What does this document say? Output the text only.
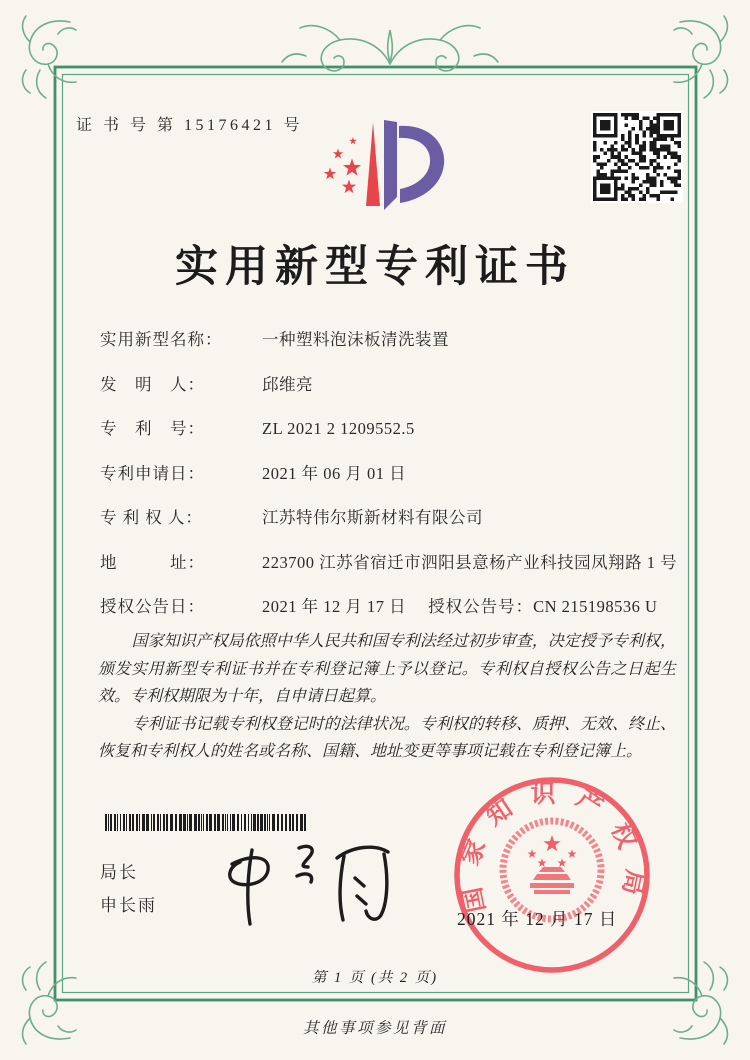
证 书 号 第 15176421 号
实用新型专利证书
实用新型名称： 一种塑料泡沫板清洗装置
发　明　人：	邱维亮
专　利　号：	ZL 2021 2 1209552.5
专利申请日：	2021 年 06 月 01 日
专 利 权 人：	江苏特伟尔斯新材料有限公司
地　　　址：	223700 江苏省宿迁市泗阳县意杨产业科技园凤翔路 1 号
授权公告日：	2021 年 12 月 17 日 授权公告号：CN 215198536 U

国家知识产权局依照中华人民共和国专利法经过初步审查，决定授予专利权，颁发实用新型专利证书并在专利登记簿上予以登记。专利权自授权公告之日起生效。专利权期限为十年，自申请日起算。

专利证书记载专利权登记时的法律状况。专利权的转移、质押、无效、终止、恢复和专利权人的姓名或名称、国籍、地址变更等事项记载在专利登记簿上。

局长
申长雨	国家知识产权局
2021 年 12 月 17 日
第 1 页 (共 2 页)
其他事项参见背面
